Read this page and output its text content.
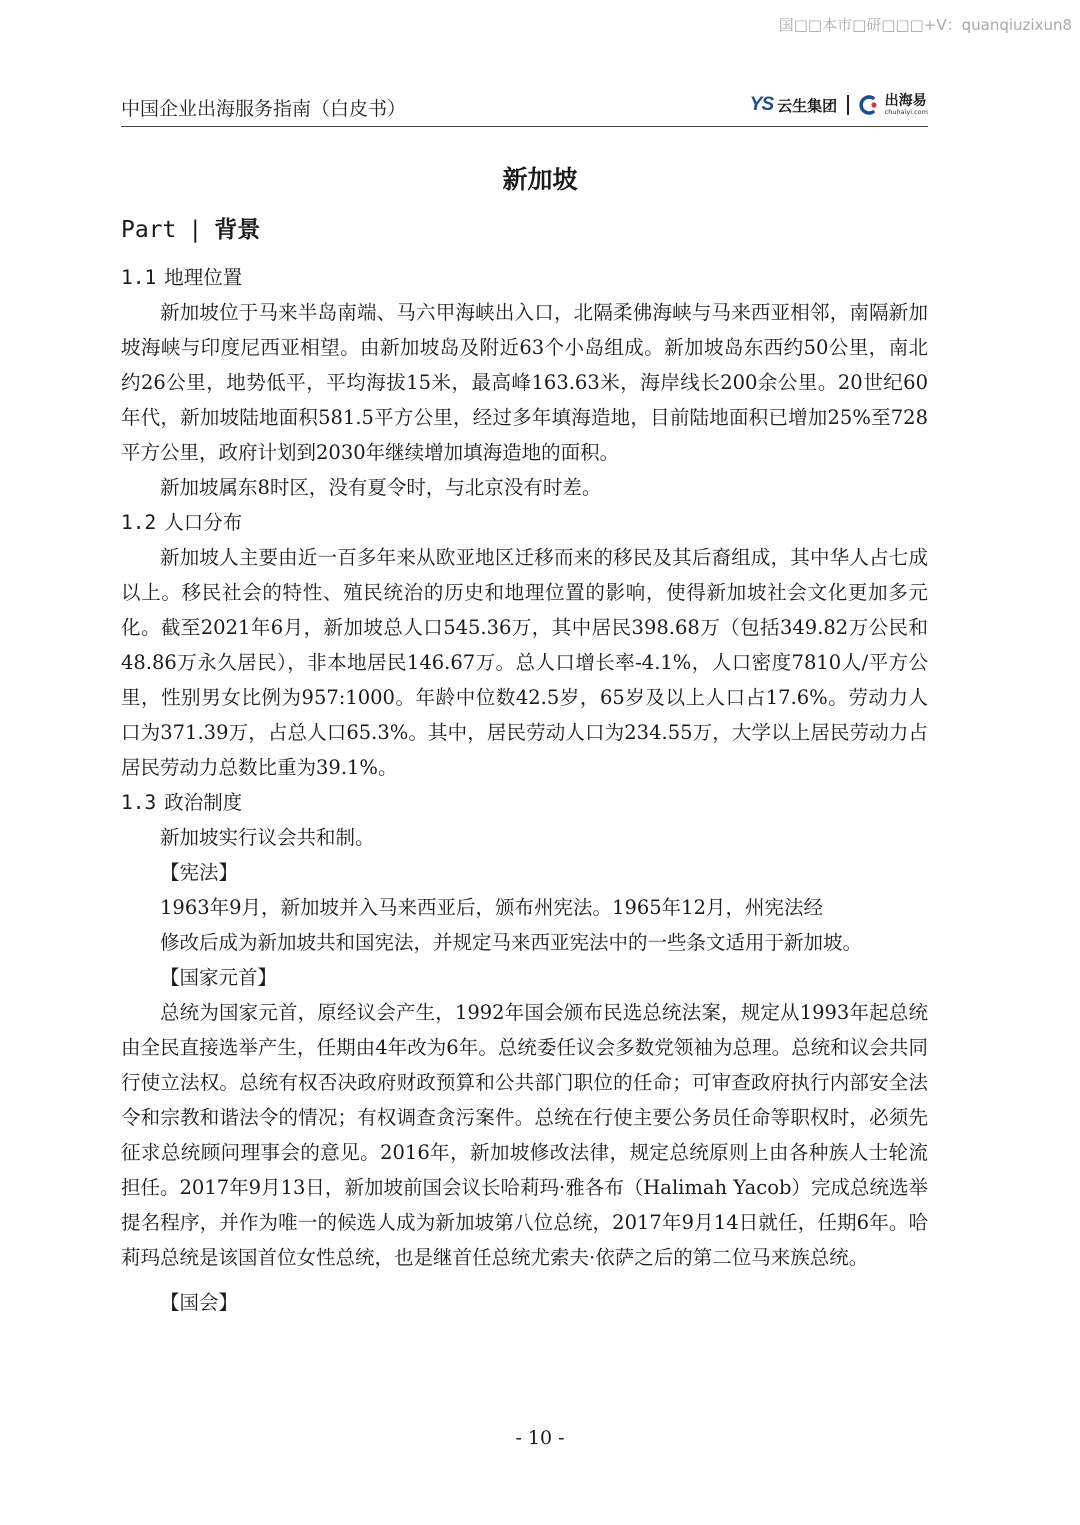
国□□本市□研□□□+V：quanqiuzixun8
中国企业出海服务指南（白皮书）	YS 云生集团	出海易
chuhaiyi.com
新加坡
Part | 背景
1.1 地理位置

新加坡位于马来半岛南端、马六甲海峡出入口，北隔柔佛海峡与马来西亚相邻，南隔新加坡海峡与印度尼西亚相望。由新加坡岛及附近63个小岛组成。新加坡岛东西约50公里，南北约26公里，地势低平，平均海拔15米，最高峰163.63米，海岸线长200余公里。20世纪60年代，新加坡陆地面积581.5平方公里，经过多年填海造地，目前陆地面积已增加25%至728平方公里，政府计划到2030年继续增加填海造地的面积。

新加坡属东8时区，没有夏令时，与北京没有时差。

1.2 人口分布

新加坡人主要由近一百多年来从欧亚地区迁移而来的移民及其后裔组成，其中华人占七成以上。移民社会的特性、殖民统治的历史和地理位置的影响，使得新加坡社会文化更加多元化。截至2021年6月，新加坡总人口545.36万，其中居民398.68万（包括349.82万公民和48.86万永久居民），非本地居民146.67万。总人口增长率-4.1%，人口密度7810人/平方公里，性别男女比例为957:1000。年龄中位数42.5岁，65岁及以上人口占17.6%。劳动力人口为371.39万，占总人口65.3%。其中，居民劳动人口为234.55万，大学以上居民劳动力占居民劳动力总数比重为39.1%。

1.3 政治制度

新加坡实行议会共和制。

【宪法】

1963年9月，新加坡并入马来西亚后，颁布州宪法。1965年12月，州宪法经

修改后成为新加坡共和国宪法，并规定马来西亚宪法中的一些条文适用于新加坡。

【国家元首】

总统为国家元首，原经议会产生，1992年国会颁布民选总统法案，规定从1993年起总统由全民直接选举产生，任期由4年改为6年。总统委任议会多数党领袖为总理。总统和议会共同行使立法权。总统有权否决政府财政预算和公共部门职位的任命；可审查政府执行内部安全法令和宗教和谐法令的情况；有权调查贪污案件。总统在行使主要公务员任命等职权时，必须先征求总统顾问理事会的意见。2016年，新加坡修改法律，规定总统原则上由各种族人士轮流担任。2017年9月13日，新加坡前国会议长哈莉玛·雅各布（Halimah Yacob）完成总统选举提名程序，并作为唯一的候选人成为新加坡第八位总统，2017年9月14日就任，任期6年。哈莉玛总统是该国首位女性总统，也是继首任总统尤索夫·依萨之后的第二位马来族总统。

【国会】

- 10 -
